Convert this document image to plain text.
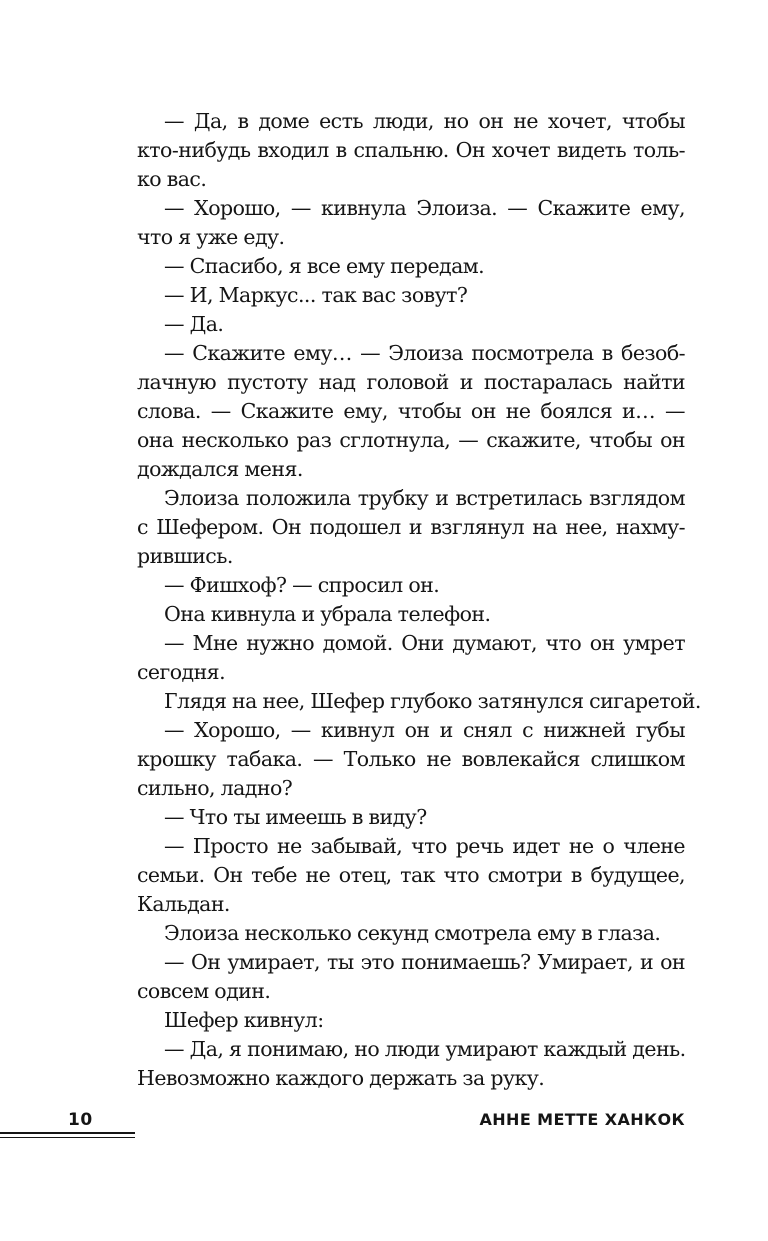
— Да, в доме есть люди, но он не хочет, чтобы
кто-нибудь входил в спальню. Он хочет видеть толь-
ко вас.
— Хорошо, — кивнула Элоиза. — Скажите ему,
что я уже еду.
— Спасибо, я все ему передам.
— И, Маркус... так вас зовут?
— Да.
— Скажите ему… — Элоиза посмотрела в безоб-
лачную пустоту над головой и постаралась найти
слова. — Скажите ему, чтобы он не боялся и… —
она несколько раз сглотнула, — скажите, чтобы он
дождался меня.
Элоиза положила трубку и встретилась взглядом
с Шефером. Он подошел и взглянул на нее, нахму-
рившись.
— Фишхоф? — спросил он.
Она кивнула и убрала телефон.
— Мне нужно домой. Они думают, что он умрет
сегодня.
Глядя на нее, Шефер глубоко затянулся сигаретой.
— Хорошо, — кивнул он и снял с нижней губы
крошку табака. — Только не вовлекайся слишком
сильно, ладно?
— Что ты имеешь в виду?
— Просто не забывай, что речь идет не о члене
семьи. Он тебе не отец, так что смотри в будущее,
Кальдан.
Элоиза несколько секунд смотрела ему в глаза.
— Он умирает, ты это понимаешь? Умирает, и он
совсем один.
Шефер кивнул:
— Да, я понимаю, но люди умирают каждый день.
Невозможно каждого держать за руку.
10	АННЕ МЕТТЕ ХАНКОК
